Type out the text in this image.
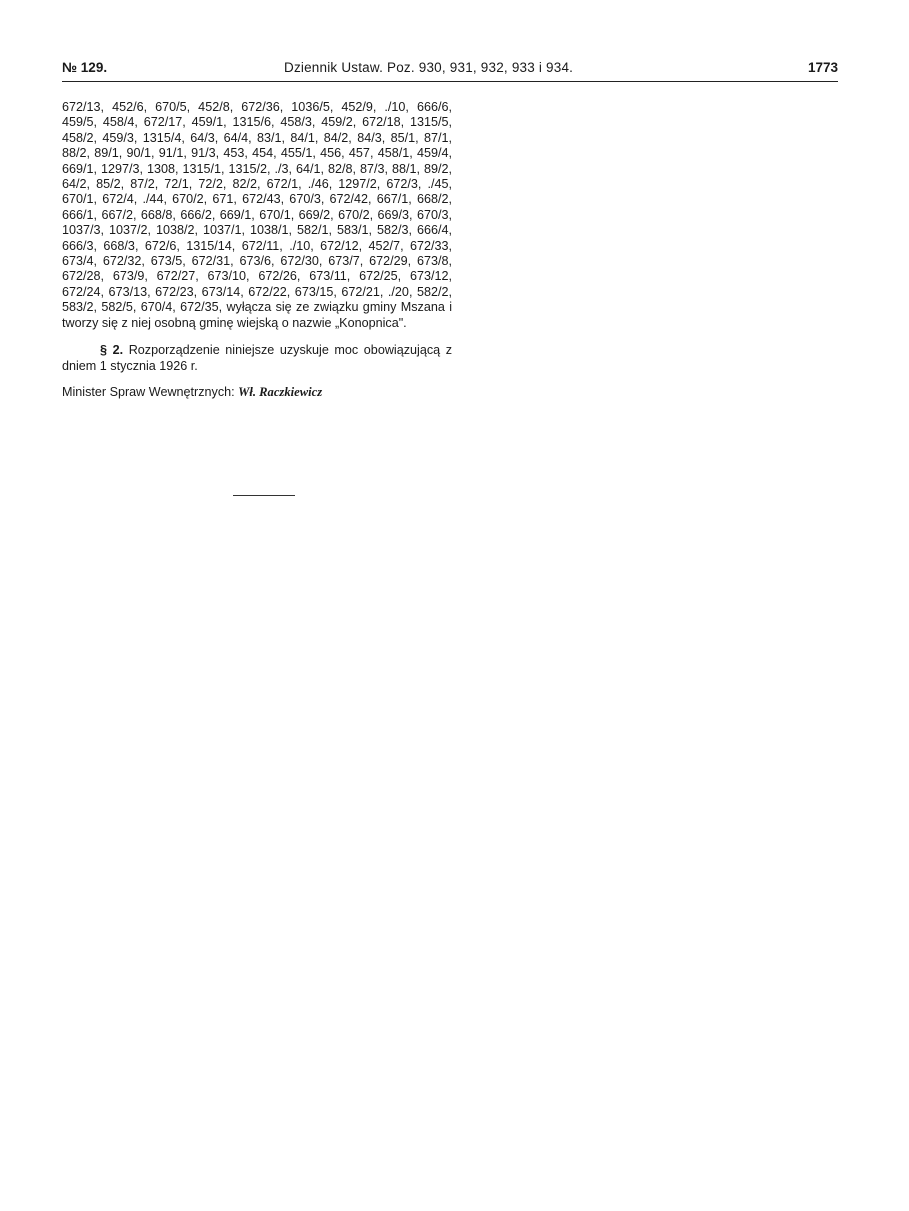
№ 129.	Dziennik Ustaw. Poz. 930, 931, 932, 933 i 934.	1773

672/13, 452/6, 670/5, 452/8, 672/36, 1036/5, 452/9, ./10, 666/6, 459/5, 458/4, 672/17, 459/1, 1315/6, 458/3, 459/2, 672/18, 1315/5, 458/2, 459/3, 1315/4, 64/3, 64/4, 83/1, 84/1, 84/2, 84/3, 85/1, 87/1, 88/2, 89/1, 90/1, 91/1, 91/3, 453, 454, 455/1, 456, 457, 458/1, 459/4, 669/1, 1297/3, 1308, 1315/1, 1315/2, ./3, 64/1, 82/8, 87/3, 88/1, 89/2, 64/2, 85/2, 87/2, 72/1, 72/2, 82/2, 672/1, ./46, 1297/2, 672/3, ./45, 670/1, 672/4, ./44, 670/2, 671, 672/43, 670/3, 672/42, 667/1, 668/2, 666/1, 667/2, 668/8, 666/2, 669/1, 670/1, 669/2, 670/2, 669/3, 670/3, 1037/3, 1037/2, 1038/2, 1037/1, 1038/1, 582/1, 583/1, 582/3, 666/4, 666/3, 668/3, 672/6, 1315/14, 672/11, ./10, 672/12, 452/7, 672/33, 673/4, 672/32, 673/5, 672/31, 673/6, 672/30, 673/7, 672/29, 673/8, 672/28, 673/9, 672/27, 673/10, 672/26, 673/11, 672/25, 673/12, 672/24, 673/13, 672/23, 673/14, 672/22, 673/15, 672/21, ./20, 582/2, 583/2, 582/5, 670/4, 672/35, wyłącza się ze związku gminy Mszana i tworzy się z niej osobną gminę wiejską o nazwie „Konopnica".

§ 2. Rozporządzenie niniejsze uzyskuje moc obowiązującą z dniem 1 stycznia 1926 r.

Minister Spraw Wewnętrznych: Wł. Raczkiewicz
